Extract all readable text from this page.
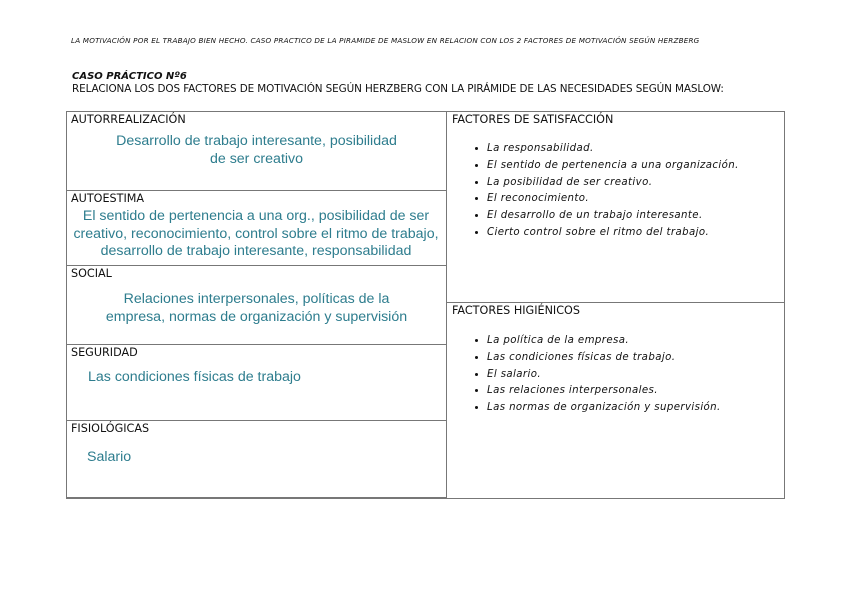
LA MOTIVACIÓN POR EL TRABAJO BIEN HECHO. CASO PRACTICO DE LA PIRAMIDE DE MASLOW EN RELACION CON LOS 2 FACTORES DE MOTIVACIÓN SEGÚN HERZBERG
CASO PRÁCTICO Nº6
RELACIONA LOS DOS FACTORES DE MOTIVACIÓN SEGÚN HERZBERG CON LA PIRÁMIDE DE LAS NECESIDADES SEGÚN MASLOW:
AUTORREALIZACIÓN
Desarrollo de trabajo interesante, posibilidad de ser creativo
AUTOESTIMA
El sentido de pertenencia a una org., posibilidad de ser creativo, reconocimiento, control sobre el ritmo de trabajo, desarrollo de trabajo interesante, responsabilidad
SOCIAL
Relaciones interpersonales, políticas de la empresa, normas de organización y supervisión
SEGURIDAD
Las condiciones físicas de trabajo
FISIOLÓGICAS
Salario
FACTORES DE SATISFACCIÓN
• La responsabilidad.
• El sentido de pertenencia a una organización.
• La posibilidad de ser creativo.
• El reconocimiento.
• El desarrollo de un trabajo interesante.
• Cierto control sobre el ritmo del trabajo.
FACTORES HIGIÉNICOS
• La política de la empresa.
• Las condiciones físicas de trabajo.
• El salario.
• Las relaciones interpersonales.
• Las normas de organización y supervisión.
